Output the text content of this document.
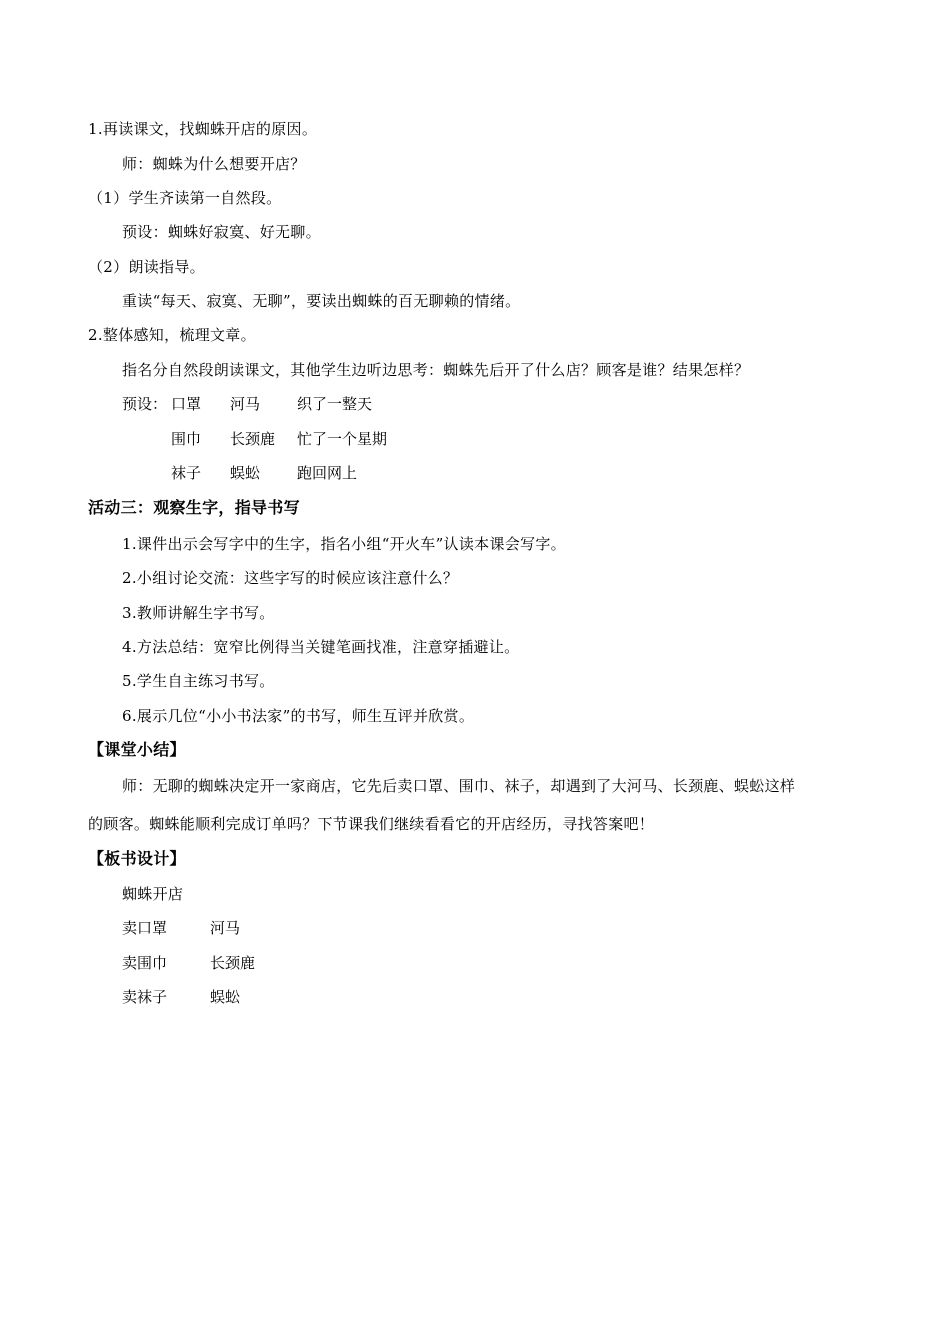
1.再读课文，找蜘蛛开店的原因。
师：蜘蛛为什么想要开店？
（1）学生齐读第一自然段。
预设：蜘蛛好寂寞、好无聊。
（2）朗读指导。
重读“每天、寂寞、无聊”，要读出蜘蛛的百无聊赖的情绪。
2.整体感知，梳理文章。
指名分自然段朗读课文，其他学生边听边思考：蜘蛛先后开了什么店？顾客是谁？结果怎样？
预设： 口罩 河马 织了一整天
围巾 长颈鹿 忙了一个星期
袜子 蜈蚣 跑回网上
活动三：观察生字，指导书写
1.课件出示会写字中的生字，指名小组“开火车”认读本课会写字。
2.小组讨论交流：这些字写的时候应该注意什么？
3.教师讲解生字书写。
4.方法总结：宽窄比例得当关键笔画找准，注意穿插避让。
5.学生自主练习书写。
6.展示几位“小小书法家”的书写，师生互评并欣赏。
【课堂小结】
师：无聊的蜘蛛决定开一家商店，它先后卖口罩、围巾、袜子，却遇到了大河马、长颈鹿、蜈蚣这样
的顾客。蜘蛛能顺利完成订单吗？下节课我们继续看看它的开店经历，寻找答案吧！
【板书设计】
蜘蛛开店
卖口罩	河马
卖围巾	长颈鹿
卖袜子	蜈蚣
